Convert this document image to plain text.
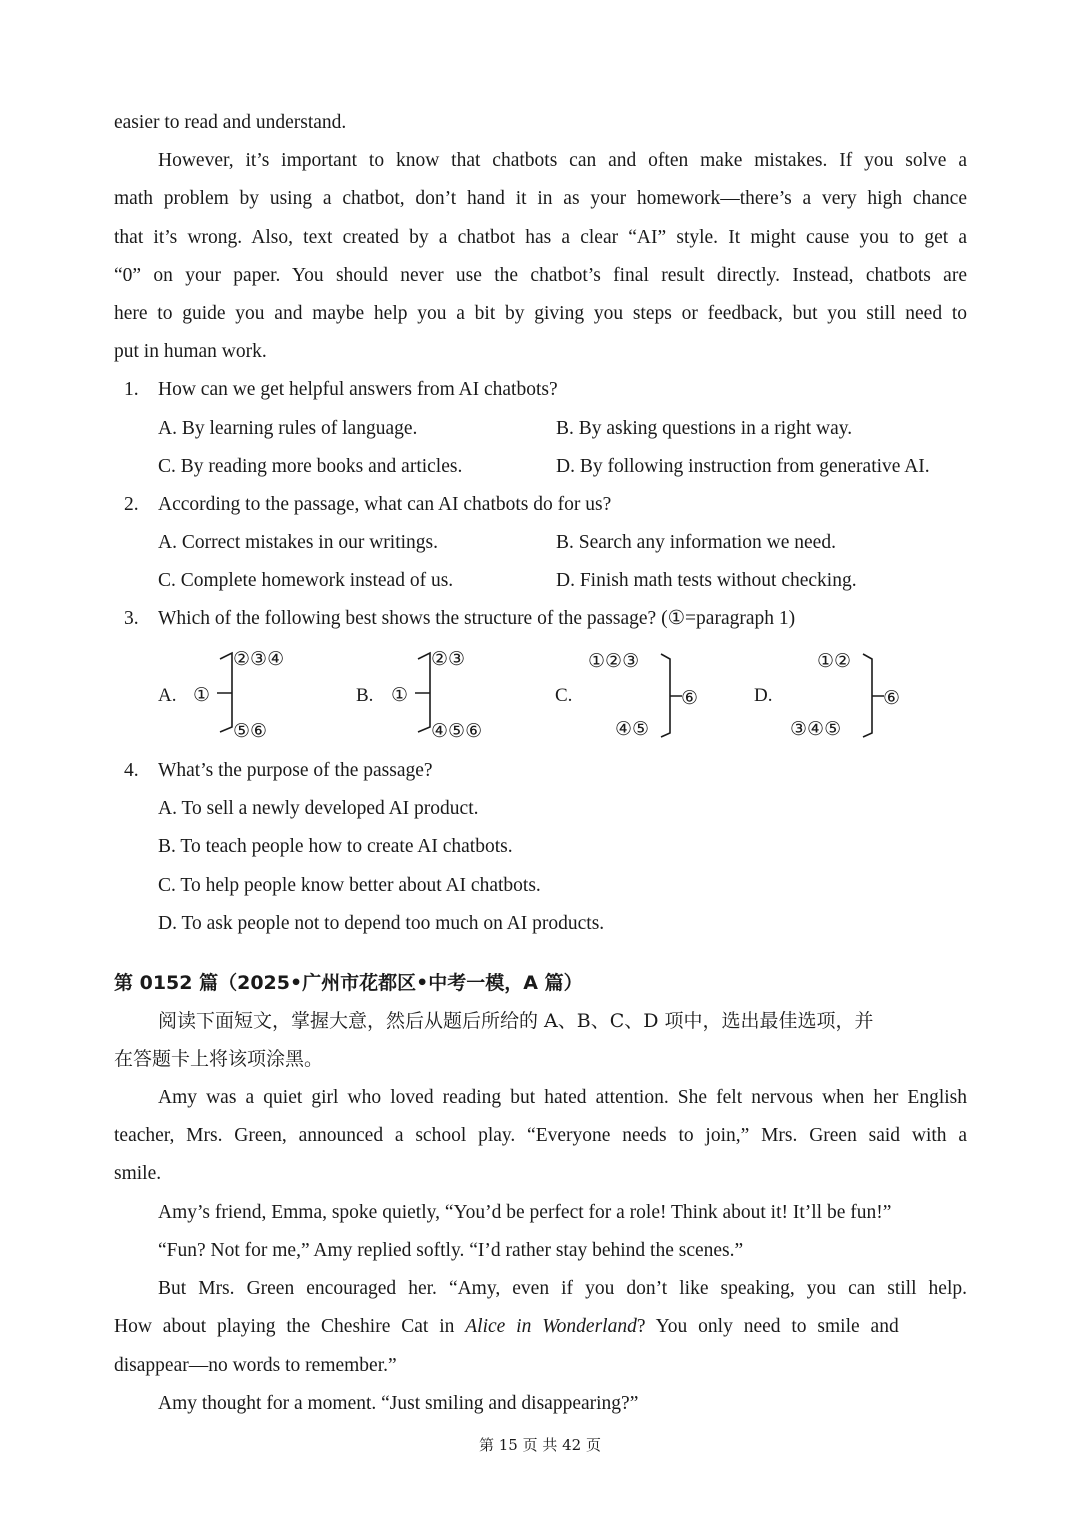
easier to read and understand.
However, it’s important to know that chatbots can and often make mistakes. If you solve a
math problem by using a chatbot, don’t hand it in as your homework—there’s a very high chance
that it’s wrong. Also, text created by a chatbot has a clear “AI” style. It might cause you to get a
“0” on your paper. You should never use the chatbot’s final result directly. Instead, chatbots are
here to guide you and maybe help you a bit by giving you steps or feedback, but you still need to
put in human work.
1. How can we get helpful answers from AI chatbots?
A. By learning rules of language.	B. By asking questions in a right way.
C. By reading more books and articles.	D. By following instruction from generative AI.
2. According to the passage, what can AI chatbots do for us?
A. Correct mistakes in our writings.	B. Search any information we need.
C. Complete homework instead of us.	D. Finish math tests without checking.
3. Which of the following best shows the structure of the passage? (①=paragraph 1)
A. ①
②③④
⑤⑥
B. ①
②③
④⑤⑥
C.
①②③
④⑤
⑥	D.
①②
③④⑤
⑥
4. What’s the purpose of the passage?
A. To sell a newly developed AI product.
B. To teach people how to create AI chatbots.
C. To help people know better about AI chatbots.
D. To ask people not to depend too much on AI products.
第 0152 篇（2025•广州市花都区•中考一模，A 篇）
阅读下面短文，掌握大意，然后从题后所给的 A、B、C、D 项中，选出最佳选项，并
在答题卡上将该项涂黑。
Amy was a quiet girl who loved reading but hated attention. She felt nervous when her English
teacher, Mrs. Green, announced a school play. “Everyone needs to join,” Mrs. Green said with a
smile.
Amy’s friend, Emma, spoke quietly, “You’d be perfect for a role! Think about it! It’ll be fun!”
“Fun? Not for me,” Amy replied softly. “I’d rather stay behind the scenes.”
But Mrs. Green encouraged her. “Amy, even if you don’t like speaking, you can still help.
How about playing the Cheshire Cat in Alice in Wonderland? You only need to smile and
disappear—no words to remember.”
Amy thought for a moment. “Just smiling and disappearing?”
第 15 页 共 42 页
